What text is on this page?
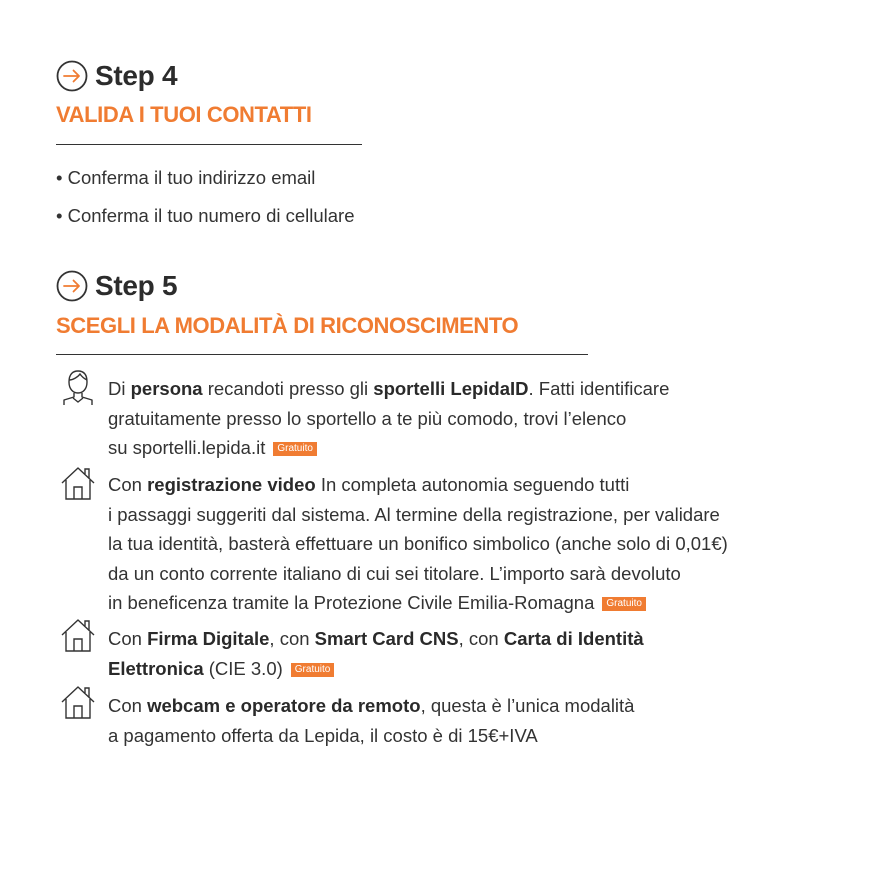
Step 4
VALIDA I TUOI CONTATTI
• Conferma il tuo indirizzo email
• Conferma il tuo numero di cellulare
Step 5
SCEGLI LA MODALITÀ DI RICONOSCIMENTO
Di persona recandoti presso gli sportelli LepidaID. Fatti identificare
gratuitamente presso lo sportello a te più comodo, trovi l’elenco
su sportelli.lepida.it Gratuito
Con registrazione video In completa autonomia seguendo tutti
i passaggi suggeriti dal sistema. Al termine della registrazione, per validare
la tua identità, basterà effettuare un bonifico simbolico (anche solo di 0,01€)
da un conto corrente italiano di cui sei titolare. L’importo sarà devoluto
in beneficenza tramite la Protezione Civile Emilia-Romagna Gratuito
Con Firma Digitale, con Smart Card CNS, con Carta di Identità
Elettronica (CIE 3.0) Gratuito
Con webcam e operatore da remoto, questa è l’unica modalità
a pagamento offerta da Lepida, il costo è di 15€+IVA
